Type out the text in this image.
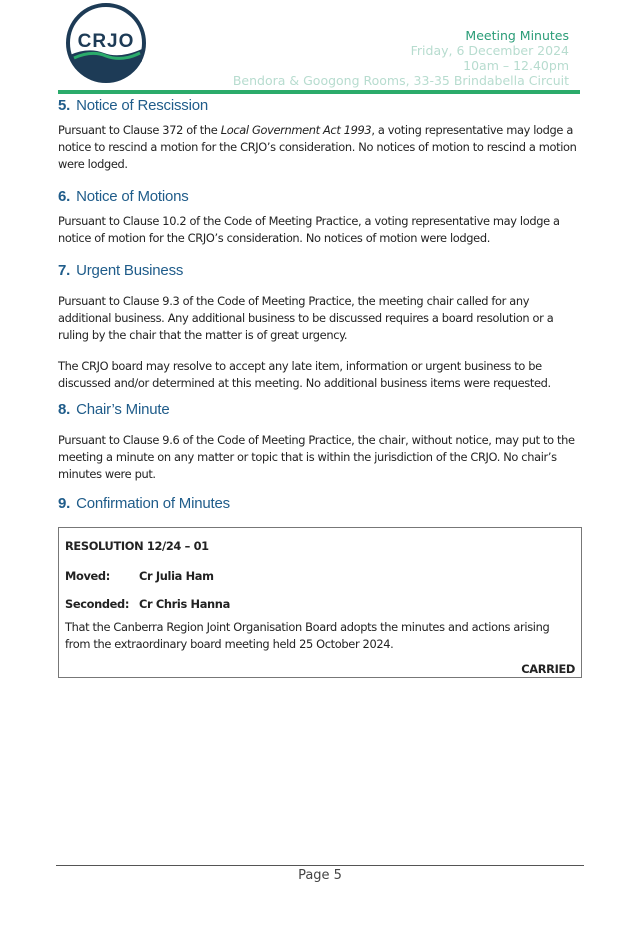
CRJO	Meeting Minutes
Friday, 6 December 2024
10am – 12.40pm
Bendora & Googong Rooms, 33-35 Brindabella Circuit
5. Notice of Rescission

Pursuant to Clause 372 of the Local Government Act 1993, a voting representative may lodge a notice to rescind a motion for the CRJO’s consideration. No notices of motion to rescind a motion were lodged.

6. Notice of Motions

Pursuant to Clause 10.2 of the Code of Meeting Practice, a voting representative may lodge a notice of motion for the CRJO’s consideration. No notices of motion were lodged.

7. Urgent Business

Pursuant to Clause 9.3 of the Code of Meeting Practice, the meeting chair called for any additional business. Any additional business to be discussed requires a board resolution or a ruling by the chair that the matter is of great urgency.

The CRJO board may resolve to accept any late item, information or urgent business to be discussed and/or determined at this meeting. No additional business items were requested.

8. Chair’s Minute

Pursuant to Clause 9.6 of the Code of Meeting Practice, the chair, without notice, may put to the meeting a minute on any matter or topic that is within the jurisdiction of the CRJO. No chair’s minutes were put.

9. Confirmation of Minutes

RESOLUTION 12/24 – 01

Moved:	Cr Julia Ham
Seconded: Cr Chris Hanna

That the Canberra Region Joint Organisation Board adopts the minutes and actions arising from the extraordinary board meeting held 25 October 2024.

CARRIED

Page 5
